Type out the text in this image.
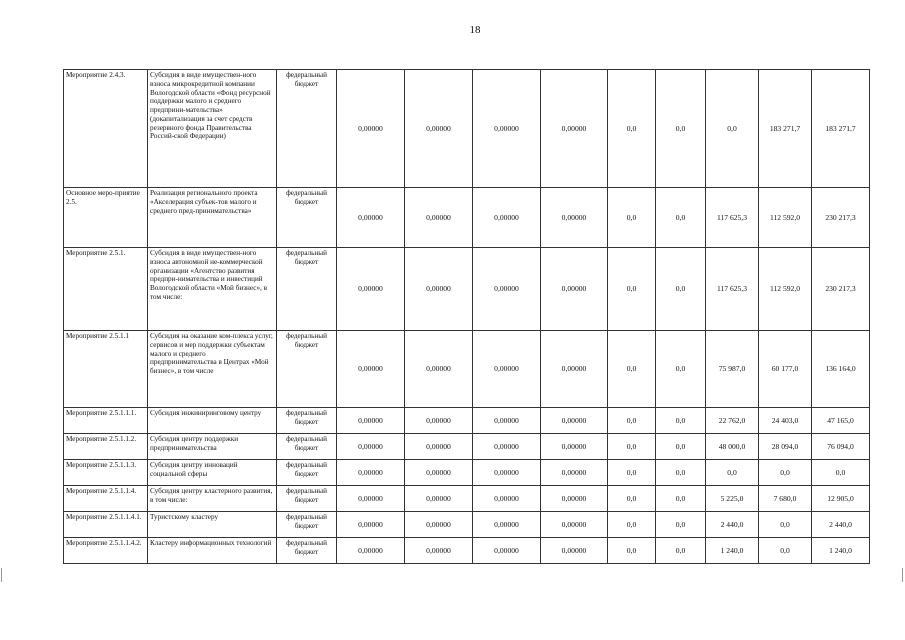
18
Мероприятие 2.4.3.	Субсидия в виде имуществен-ного взноса микрокредитной компании Вологодской области «Фонд ресурсной поддержки малого и среднего предприни-мательства» (докапитализация за счет средств резервного фонда Правительства Россий-ской Федерации)	федеральный бюджет	0,00000	0,00000	0,00000	0,00000	0,0	0,0	0,0	183 271,7	183 271,7
Основное меро-приятие 2.5.	Реализация регионального проекта «Акселерация субъек-тов малого и среднего пред-принимательства»	федеральный бюджет	0,00000	0,00000	0,00000	0,00000	0,0	0,0	117 625,3	112 592,0	230 217,3
Мероприятие 2.5.1.	Субсидия в виде имуществен-ного взноса автономной не-коммерческой организации «Агентство развития предпри-нимательства и инвестиций Вологодской области «Мой бизнес», в том числе:	федеральный бюджет	0,00000	0,00000	0,00000	0,00000	0,0	0,0	117 625,3	112 592,0	230 217,3
Мероприятие 2.5.1.1	Субсидия на оказание ком-плекса услуг, сервисов и мер поддержки субъектам малого и среднего предпринимательства в Центрах «Мой бизнес», в том числе	федеральный бюджет	0,00000	0,00000	0,00000	0,00000	0,0	0,0	75 987,0	60 177,0	136 164,0
Мероприятие 2.5.1.1.1.	Субсидия инжиниринговому центру	федеральный бюджет	0,00000	0,00000	0,00000	0,00000	0,0	0,0	22 762,0	24 403,0	47 165,0
Мероприятие 2.5.1.1.2.	Субсидия центру поддержки предпринимательства	федеральный бюджет	0,00000	0,00000	0,00000	0,00000	0,0	0,0	48 000,0	28 094,0	76 094,0
Мероприятие 2.5.1.1.3.	Субсидия центру инноваций социальной сферы	федеральный бюджет	0,00000	0,00000	0,00000	0,00000	0,0	0,0	0,0	0,0	0,0
Мероприятие 2.5.1.1.4.	Субсидия центру кластерного развития, в том числе:	федеральный бюджет	0,00000	0,00000	0,00000	0,00000	0,0	0,0	5 225,0	7 680,0	12 905,0
Мероприятие 2.5.1.1.4.1.	Туристскому кластеру	федеральный бюджет	0,00000	0,00000	0,00000	0,00000	0,0	0,0	2 440,0	0,0	2 440,0
Мероприятие 2.5.1.1.4.2.	Кластеру информационных технологий	федеральный бюджет	0,00000	0,00000	0,00000	0,00000	0,0	0,0	1 240,0	0,0	1 240,0
